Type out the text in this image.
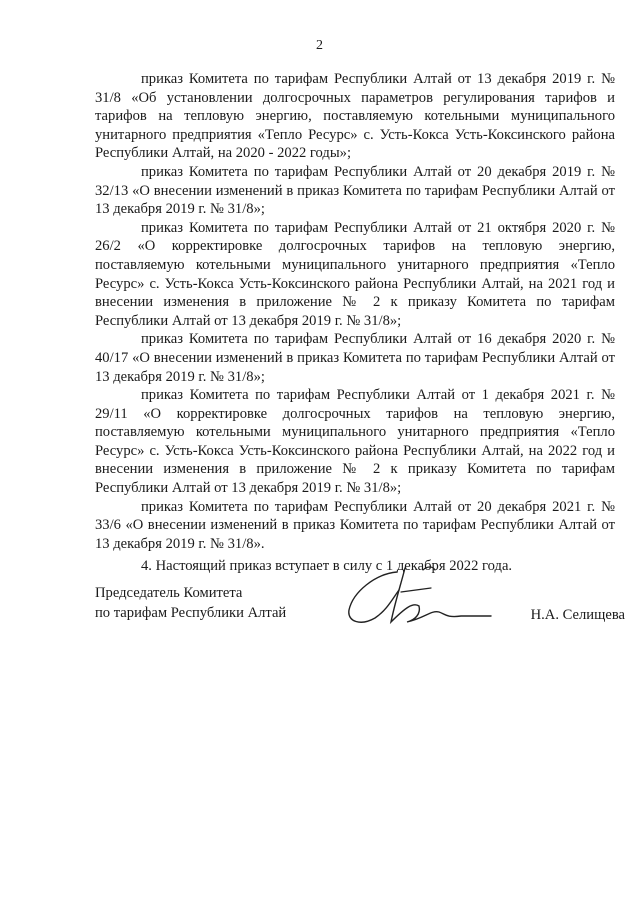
2

приказ Комитета по тарифам Республики Алтай от 13 декабря 2019 г. № 31/8 «Об установлении долгосрочных параметров регулирования тарифов и тарифов на тепловую энергию, поставляемую котельными муниципального унитарного предприятия «Тепло Ресурс» с. Усть-Кокса Усть-Коксинского района Республики Алтай, на 2020 - 2022 годы»;

приказ Комитета по тарифам Республики Алтай от 20 декабря 2019 г. № 32/13 «О внесении изменений в приказ Комитета по тарифам Республики Алтай от 13 декабря 2019 г. № 31/8»;

приказ Комитета по тарифам Республики Алтай от 21 октября 2020 г. № 26/2 «О корректировке долгосрочных тарифов на тепловую энергию, поставляемую котельными муниципального унитарного предприятия «Тепло Ресурс» с. Усть-Кокса Усть-Коксинского района Республики Алтай, на 2021 год и внесении изменения в приложение № 2 к приказу Комитета по тарифам Республики Алтай от 13 декабря 2019 г. № 31/8»;

приказ Комитета по тарифам Республики Алтай от 16 декабря 2020 г. № 40/17 «О внесении изменений в приказ Комитета по тарифам Республики Алтай от 13 декабря 2019 г. № 31/8»;

приказ Комитета по тарифам Республики Алтай от 1 декабря 2021 г. № 29/11 «О корректировке долгосрочных тарифов на тепловую энергию, поставляемую котельными муниципального унитарного предприятия «Тепло Ресурс» с. Усть-Кокса Усть-Коксинского района Республики Алтай, на 2022 год и внесении изменения в приложение № 2 к приказу Комитета по тарифам Республики Алтай от 13 декабря 2019 г. № 31/8»;

приказ Комитета по тарифам Республики Алтай от 20 декабря 2021 г. № 33/6 «О внесении изменений в приказ Комитета по тарифам Республики Алтай от 13 декабря 2019 г. № 31/8».

4. Настоящий приказ вступает в силу с 1 декабря 2022 года.

Председатель Комитета
по тарифам Республики Алтай	Н.А. Селищева
